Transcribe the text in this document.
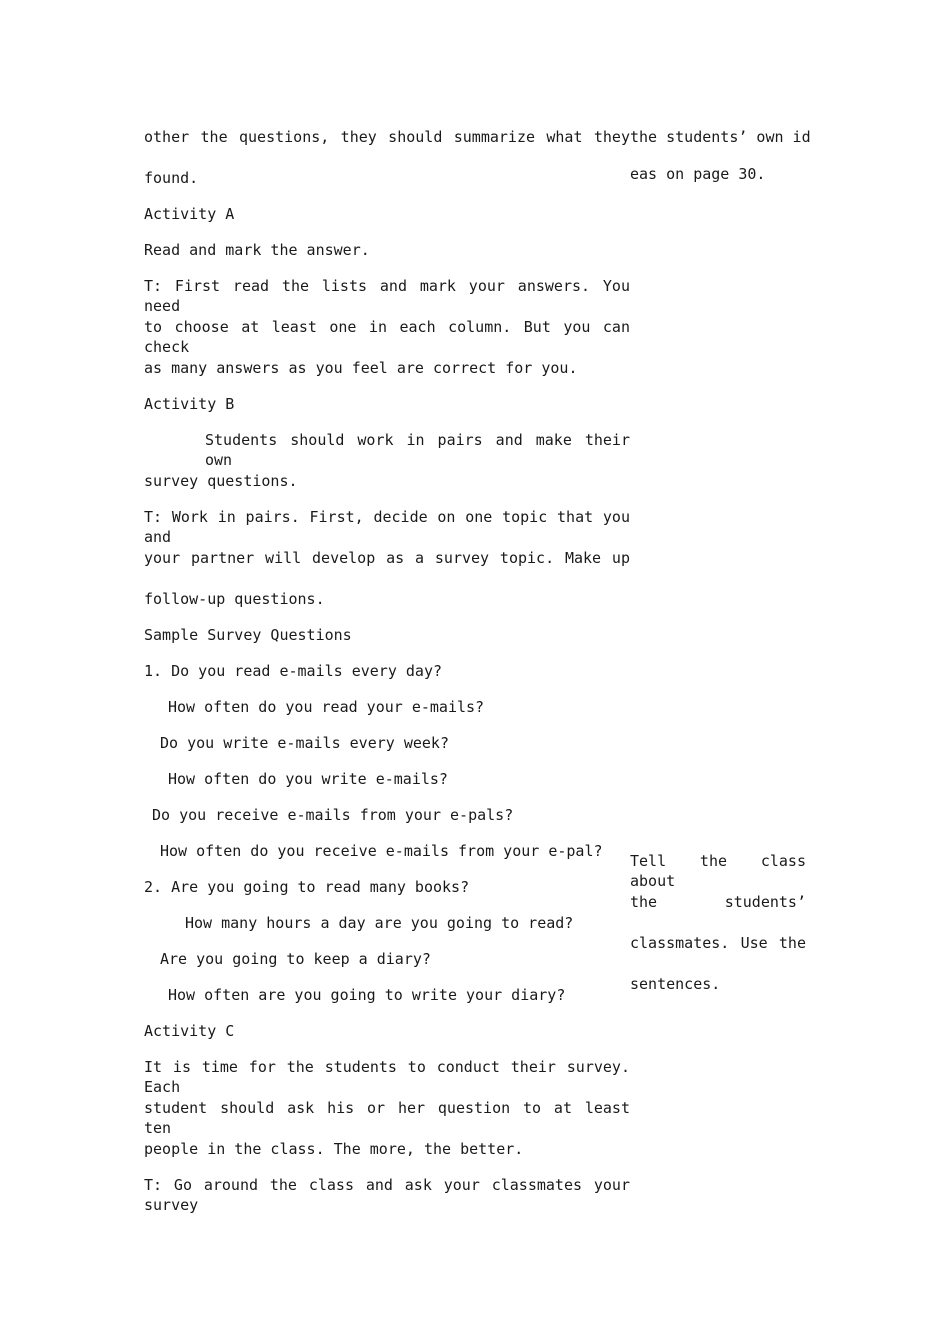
other the questions, they should summarize what they
found.
Activity A
Read and mark the answer.
T: First read the lists and mark your answers. You need
to choose at least one in each column. But you can check
as many answers as you feel are correct for you.
Activity B
Students should work in pairs and make their own
survey questions.
T: Work in pairs. First, decide on one topic that you and
your partner will develop as a survey topic. Make up
follow-up questions.
Sample Survey Questions
1. Do you read e-mails every day?
How often do you read your e-mails?
Do you write e-mails every week?
How often do you write e-mails?
Do you receive e-mails from your e-pals?
How often do you receive e-mails from your e-pal?
2. Are you going to read many books?
How many hours a day are you going to read?
Are you going to keep a diary?
How often are you going to write your diary?
Activity C
It is time for the students to conduct their survey. Each
student should ask his or her question to at least ten
people in the class. The more, the better.
T: Go around the class and ask your classmates your survey
the students’ own id
eas on page 30.
Tell the class about
the students’
classmates. Use the
sentences.
